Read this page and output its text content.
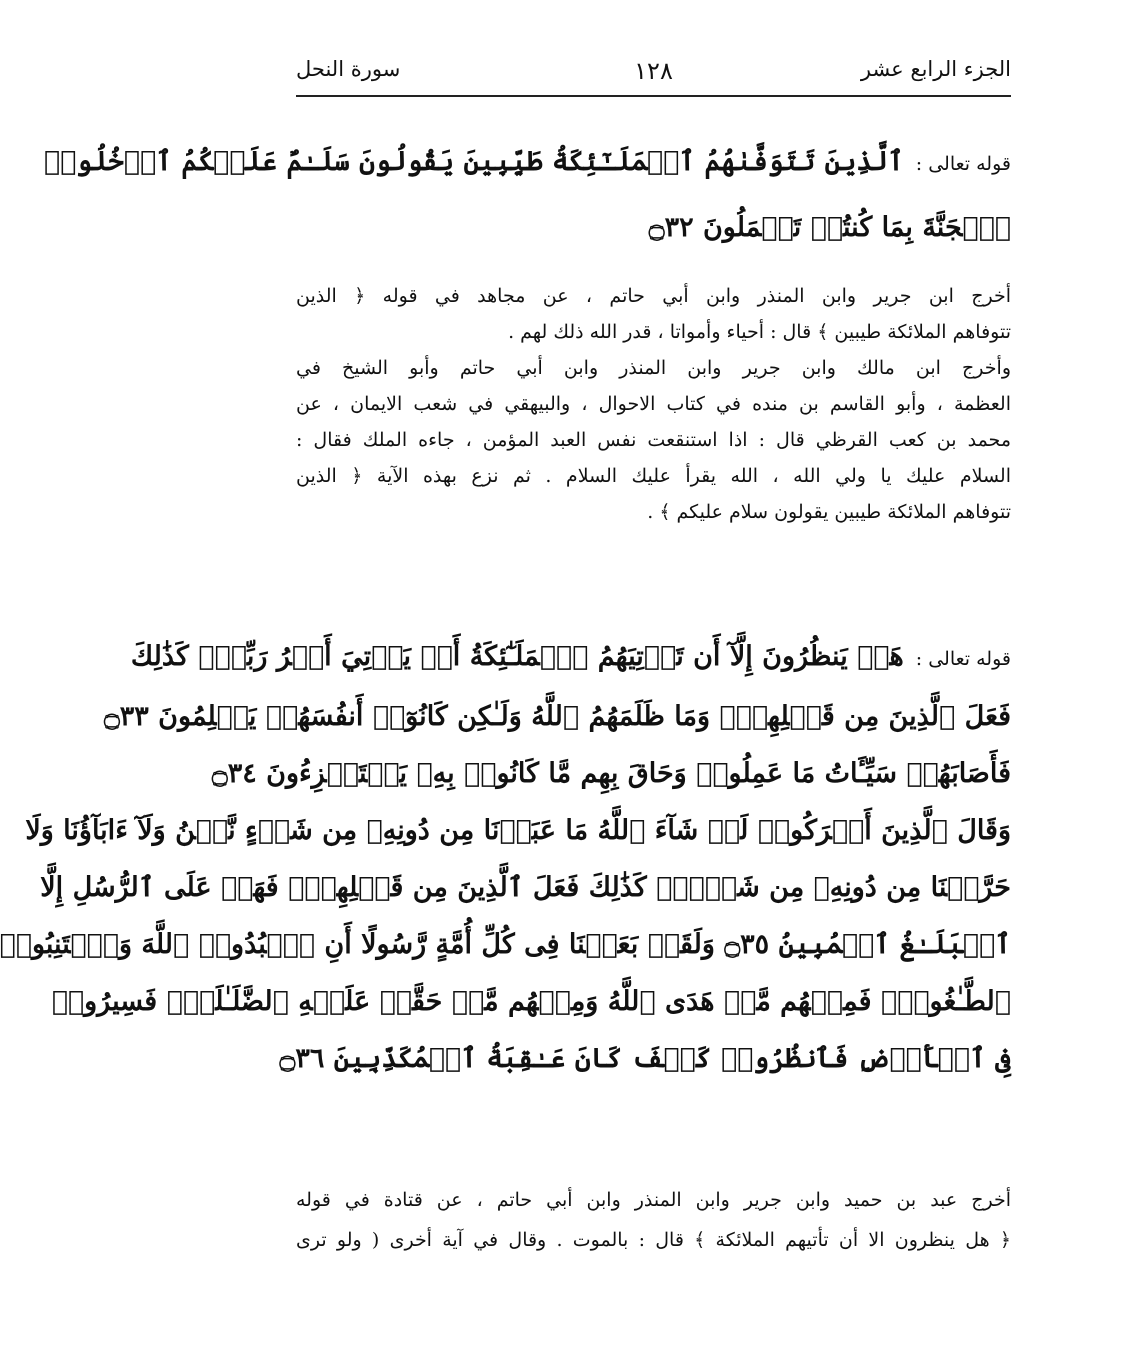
الجزء الرابع عشر
١٢٨
سورة النحل
قوله تعالى :ٱلَّذِينَ تَتَوَفَّىٰهُمُ ٱلۡمَلَـٰٓئِكَةُ طَيِّبِينَ يَقُولُونَ سَلَـٰمٌ عَلَيۡكُمُ ٱدۡخُلُوا۟
ٱلۡجَنَّةَ بِمَا كُنتُمۡ تَعۡمَلُونَ ۝٣٢
أخرج ابن جرير وابن المنذر وابن أبي حاتم ، عن مجاهد في قوله ﴿ الذين
تتوفاهم الملائكة طيبين ﴾ قال : أحياء وأمواتا ، قدر الله ذلك لهم .
وأخرج ابن مالك وابن جرير وابن المنذر وابن أبي حاتم وأبو الشيخ في
العظمة ، وأبو القاسم بن منده في كتاب الاحوال ، والبيهقي في شعب الايمان ، عن
محمد بن كعب القرظي قال : اذا استنقعت نفس العبد المؤمن ، جاءه الملك فقال :
السلام عليك يا ولي الله ، الله يقرأ عليك السلام . ثم نزع بهذه الآية ﴿ الذين
تتوفاهم الملائكة طيبين يقولون سلام عليكم ﴾ .
قوله تعالى :هَلۡ يَنظُرُونَ إِلَّآ أَن تَأۡتِيَهُمُ ٱلۡمَلَـٰٓئِكَةُ أَوۡ يَأۡتِيَ أَمۡرُ رَبِّكَۚ كَذَٰلِكَ
فَعَلَ ٱلَّذِينَ مِن قَبۡلِهِمۡۚ وَمَا ظَلَمَهُمُ ٱللَّهُ وَلَـٰكِن كَانُوٓا۟ أَنفُسَهُمۡ يَظۡلِمُونَ ۝٣٣
فَأَصَابَهُمۡ سَيِّـَٔاتُ مَا عَمِلُوا۟ وَحَاقَ بِهِم مَّا كَانُوا۟ بِهِۦ يَسۡتَهۡزِءُونَ ۝٣٤
وَقَالَ ٱلَّذِينَ أَشۡرَكُوا۟ لَوۡ شَآءَ ٱللَّهُ مَا عَبَدۡنَا مِن دُونِهِۦ مِن شَیۡءٍ نَّحۡنُ وَلَآ ءَابَآؤُنَا وَلَا
حَرَّمۡنَا مِن دُونِهِۦ مِن شَیۡءٍۚ كَذَٰلِكَ فَعَلَ ٱلَّذِينَ مِن قَبۡلِهِمۡۚ فَهَلۡ عَلَى ٱلرُّسُلِ إِلَّا
ٱلۡبَلَـٰغُ ٱلۡمُبِينُ ۝٣٥ وَلَقَدۡ بَعَثۡنَا فِی كُلِّ أُمَّةٍ رَّسُولًا أَنِ ٱعۡبُدُوا۟ ٱللَّهَ وَٱجۡتَنِبُوا۟
ٱلطَّـٰغُوتَۖ فَمِنۡهُم مَّنۡ هَدَى ٱللَّهُ وَمِنۡهُم مَّنۡ حَقَّتۡ عَلَيۡهِ ٱلضَّلَـٰلَةُۚ فَسِيرُوا۟
فِی ٱلۡأَرۡضِ فَٱنظُرُوا۟ كَيۡفَ كَانَ عَـٰقِبَةُ ٱلۡمُكَذِّبِينَ ۝٣٦
أخرج عبد بن حميد وابن جرير وابن المنذر وابن أبي حاتم ، عن قتادة في قوله
﴿ هل ينظرون الا أن تأتيهم الملائكة ﴾ قال : بالموت . وقال في آية أخرى ( ولو ترى
